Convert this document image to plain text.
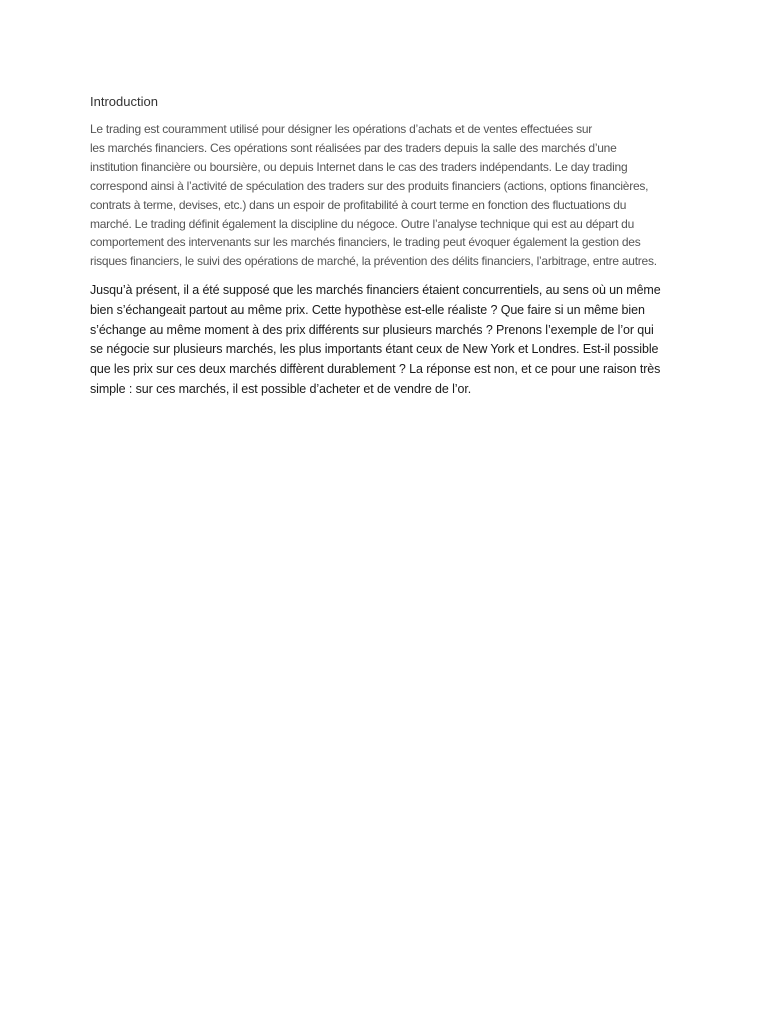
Introduction

Le trading est couramment utilisé pour désigner les opérations d’achats et de ventes effectuées sur
les marchés financiers. Ces opérations sont réalisées par des traders depuis la salle des marchés d’une
institution financière ou boursière, ou depuis Internet dans le cas des traders indépendants. Le day trading
correspond ainsi à l’activité de spéculation des traders sur des produits financiers (actions, options financières,
contrats à terme, devises, etc.) dans un espoir de profitabilité à court terme en fonction des fluctuations du
marché. Le trading définit également la discipline du négoce. Outre l’analyse technique qui est au départ du
comportement des intervenants sur les marchés financiers, le trading peut évoquer également la gestion des
risques financiers, le suivi des opérations de marché, la prévention des délits financiers, l’arbitrage, entre autres.

Jusqu’à présent, il a été supposé que les marchés financiers étaient concurrentiels, au sens où un même
bien s’échangeait partout au même prix. Cette hypothèse est-elle réaliste ? Que faire si un même bien
s’échange au même moment à des prix différents sur plusieurs marchés ? Prenons l’exemple de l’or qui
se négocie sur plusieurs marchés, les plus importants étant ceux de New York et Londres. Est-il possible
que les prix sur ces deux marchés diffèrent durablement ? La réponse est non, et ce pour une raison très
simple : sur ces marchés, il est possible d’acheter et de vendre de l’or.
